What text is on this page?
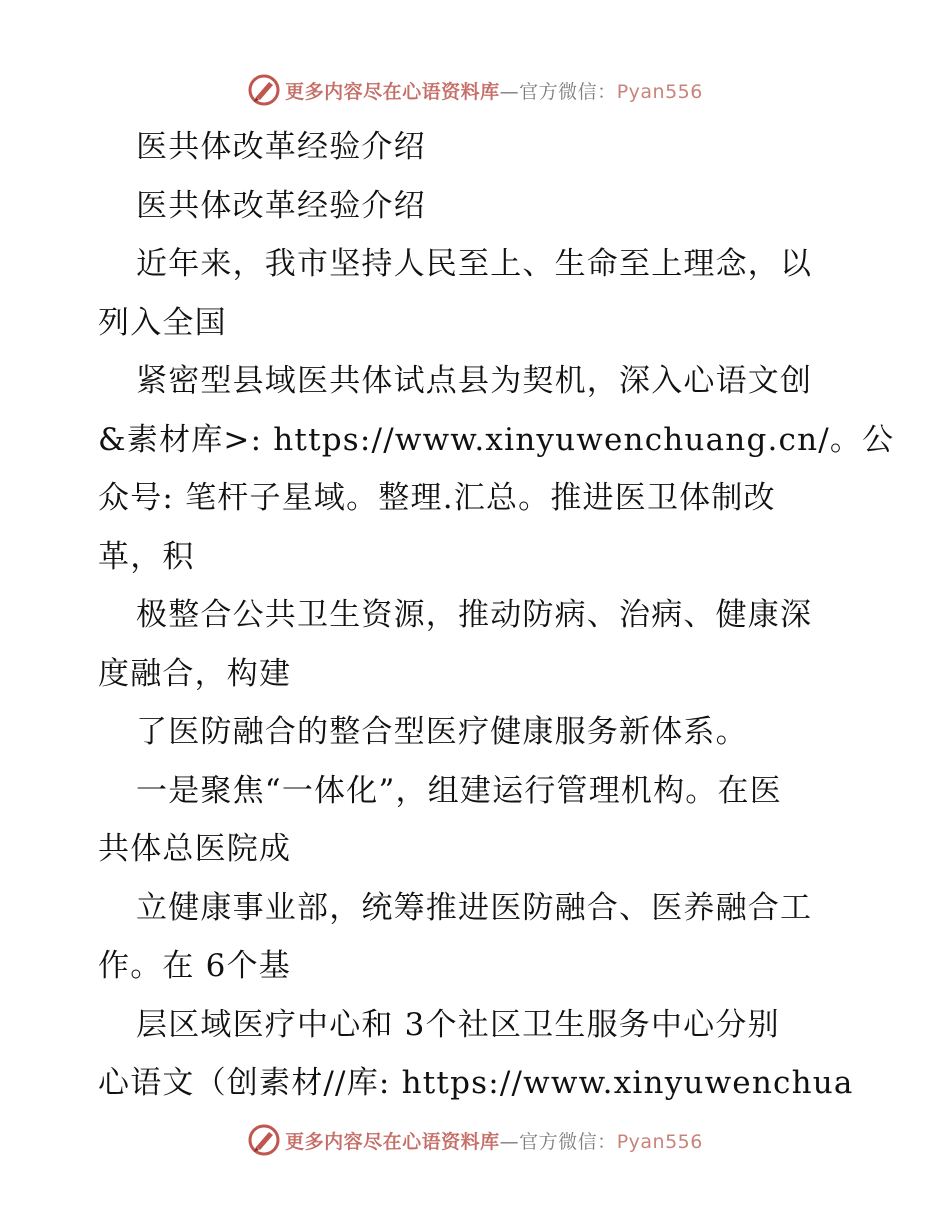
更多内容尽在心语资料库—官方微信：Pyan556
医共体改革经验介绍
医共体改革经验介绍
近年来，我市坚持人民至上、生命至上理念，以
列入全国
紧密型县域医共体试点县为契机，深入心语文创
&素材库>: https://www.xinyuwenchuang.cn/。公
众号: 笔杆子星域。整理.汇总。推进医卫体制改
革，积
极整合公共卫生资源，推动防病、治病、健康深
度融合，构建
了医防融合的整合型医疗健康服务新体系。
一是聚焦“一体化”，组建运行管理机构。在医
共体总医院成
立健康事业部，统筹推进医防融合、医养融合工
作。在 6个基
层区域医疗中心和 3个社区卫生服务中心分别
心语文（创素材//库: https://www.xinyuwenchua
更多内容尽在心语资料库—官方微信：Pyan556
